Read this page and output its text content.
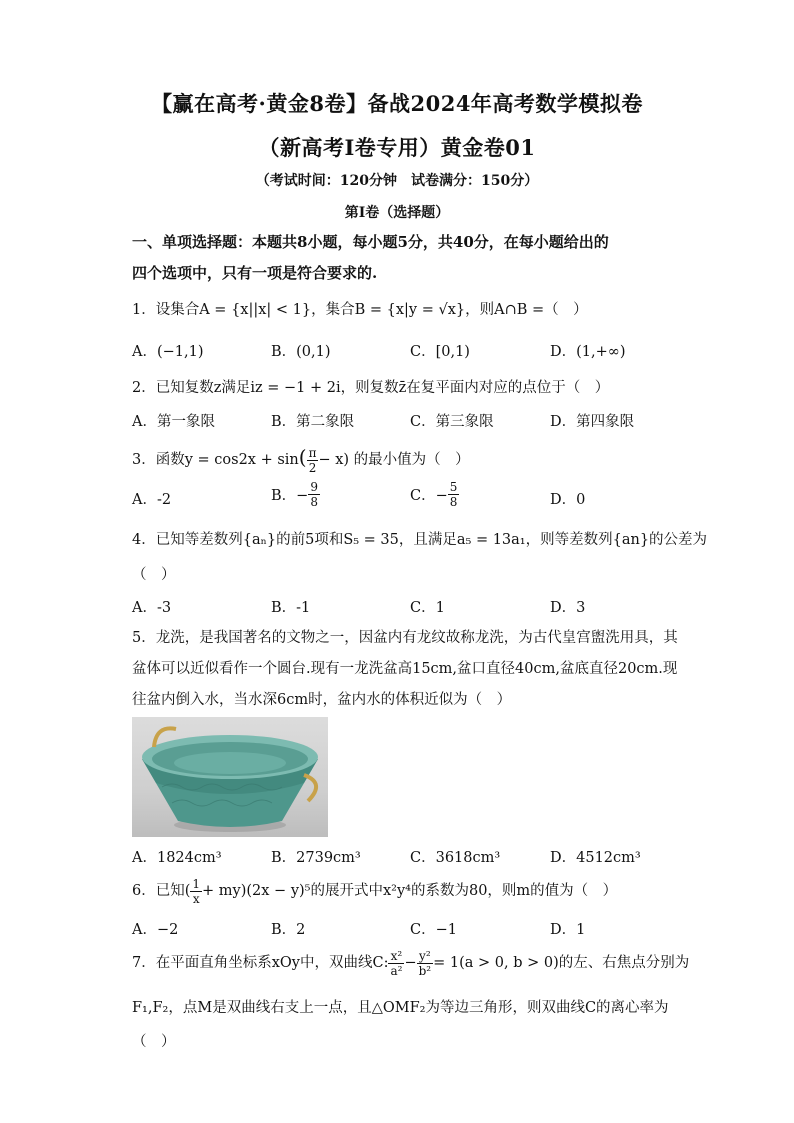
【赢在高考·黄金8卷】备战2024年高考数学模拟卷
（新高考Ⅰ卷专用）黄金卷01
（考试时间：120分钟　试卷满分：150分）
第Ⅰ卷（选择题）
一、单项选择题：本题共8小题，每小题5分，共40分，在每小题给出的
四个选项中，只有一项是符合要求的.
1．设集合A = {x||x| < 1}，集合B = {x|y = √x}，则A∩B =（　）
A．(−1,1)	B．(0,1)	C．[0,1)	D．(1,+∞)
2．已知复数z满足iz = −1 + 2i，则复数z̄在复平面内对应的点位于（　）
A．第一象限	B．第二象限	C．第三象限	D．第四象限
3．函数$y = \cos 2x + \sin( \frac{\pi}{2} - x)$ 的最小值为（　）
A．-2	B．− $\frac{9}{8}$	C．− $\frac{5}{8}$	D．0
4．已知等差数列{aₙ}的前5项和S₅ = 35，且满足a₅ = 13a₁，则等差数列{an}的公差为
（　）
A．-3	B．-1	C．1	D．3
5．龙洗，是我国著名的文物之一，因盆内有龙纹故称龙洗，为古代皇宫盥洗用具，其
盆体可以近似看作一个圆台.现有一龙洗盆高15cm,盆口直径40cm,盆底直径20cm.现
往盆内倒入水，当水深6cm时，盆内水的体积近似为（　）
A．1824cm³	B．2739cm³	C．3618cm³	D．4512cm³
6．已知( $\frac{1}{x} + my)(2x - y)^5$的展开式中x²y⁴的系数为80，则m的值为（　）
A．−2	B．2	C．−1	D．1
7．在平面直角坐标系xOy中，双曲线C: $\frac{\text{x²}}{\text{a²}} - \frac{\text{y²}}{\text{b²}} = 1(a > 0$, b > 0)的左、右焦点分别为
F₁,F₂，点M是双曲线右支上一点，且△OMF₂为等边三角形，则双曲线C的离心率为
（　）
